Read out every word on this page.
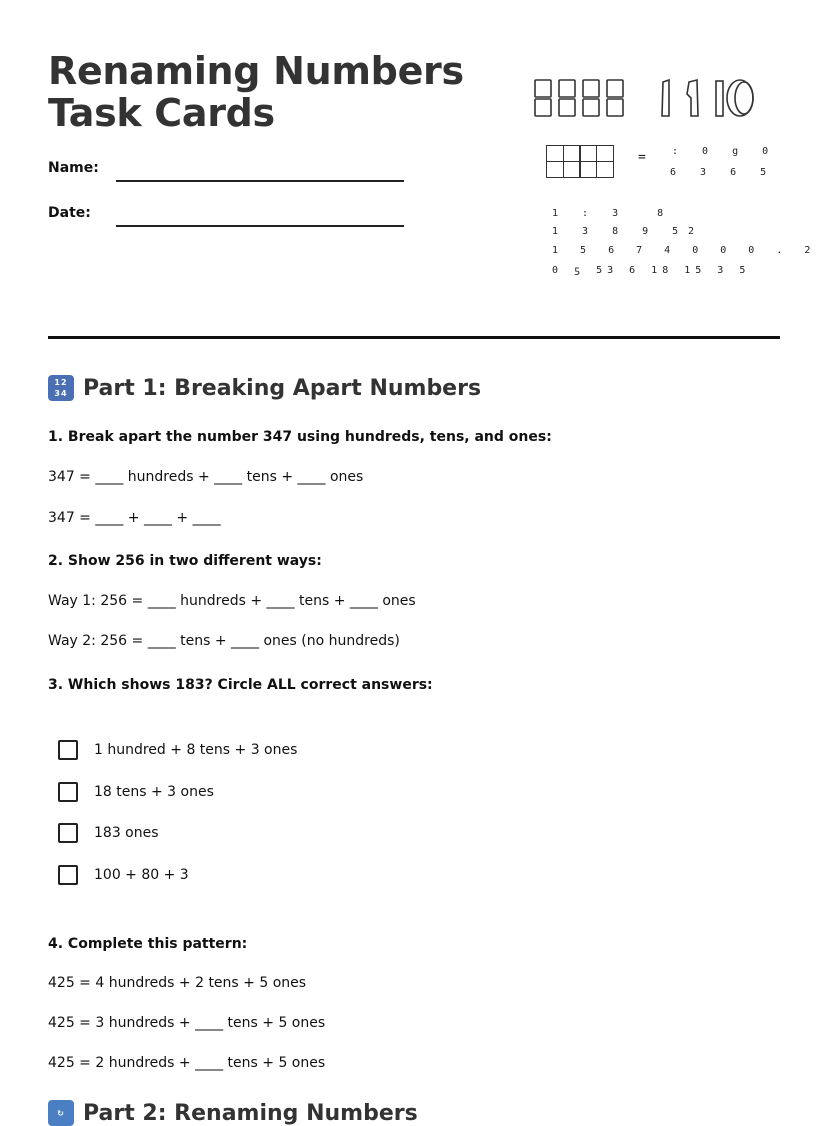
Renaming Numbers
Task Cards
Name:
Date:
=	: 0 g 0
6 3 6 5
1 : 3  8
1 3 8 9 5 2
1 5 6 7 4 0 0 0 . 2
0 ƽ 53 6 18 15 3 5
12
34 Part 1: Breaking Apart Numbers
1. Break apart the number 347 using hundreds, tens, and ones:
347 = ____ hundreds + ____ tens + ____ ones
347 = ____ + ____ + ____
2. Show 256 in two different ways:
Way 1: 256 = ____ hundreds + ____ tens + ____ ones
Way 2: 256 = ____ tens + ____ ones (no hundreds)
3. Which shows 183? Circle ALL correct answers:
1 hundred + 8 tens + 3 ones
18 tens + 3 ones
183 ones
100 + 80 + 3
4. Complete this pattern:
425 = 4 hundreds + 2 tens + 5 ones
425 = 3 hundreds + ____ tens + 5 ones
425 = 2 hundreds + ____ tens + 5 ones
↻ Part 2: Renaming Numbers
